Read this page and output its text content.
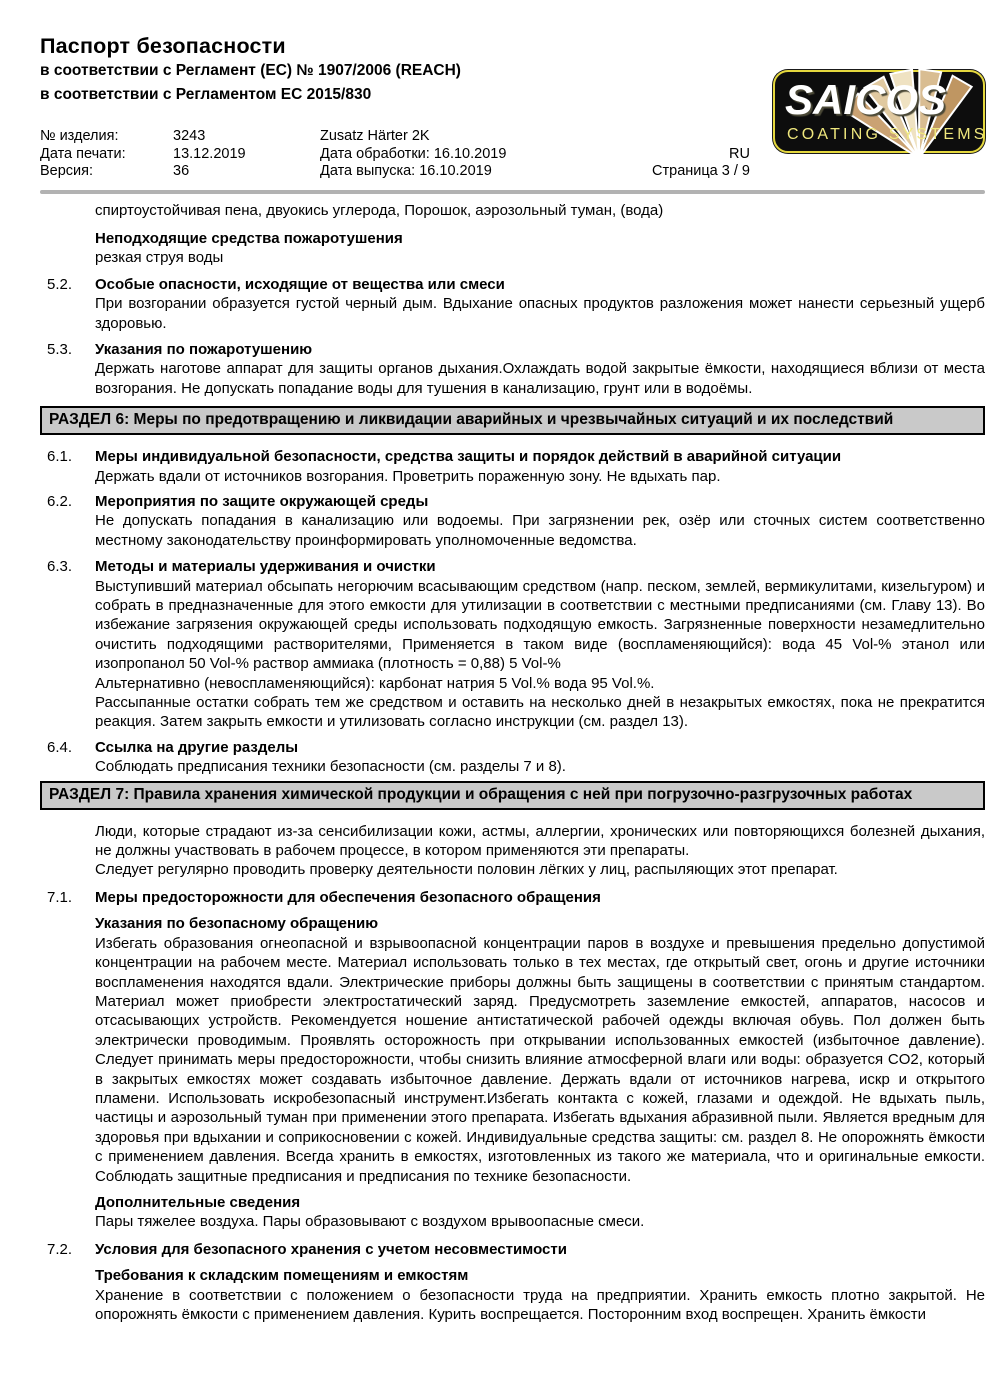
Паспорт безопасности
в соответствии с Регламент (EC) № 1907/2006 (REACH)
в соответствии с Регламентом ЕС 2015/830	SAICOS
COATING SYSTEMS
№ изделия:	3243	Zusatz Härter 2K
Дата печати:	13.12.2019	Дата обработки: 16.10.2019	RU
Версия:	36	Дата выпуска: 16.10.2019	Страница 3 / 9

спиртоустойчивая пена, двуокись углерода, Порошок, аэрозольный туман, (вода)

Неподходящие средства пожаротушения

резкая струя воды

5.2.	Особые опасности, исходящие от вещества или смеси

При возгорании образуется густой черный дым. Вдыхание опасных продуктов разложения может нанести серьезный ущерб здоровью.

5.3.	Указания по пожаротушению

Держать наготове аппарат для защиты органов дыхания.Охлаждать водой закрытые ёмкости, находящиеся вблизи от места возгорания. Не допускать попадание воды для тушения в канализацию, грунт или в водоёмы.

РАЗДЕЛ 6: Меры по предотвращению и ликвидации аварийных и чрезвычайных ситуаций и их последствий
6.1.	Меры индивидуальной безопасности, средства защиты и порядок действий в аварийной ситуации

Держать вдали от источников возгорания. Проветрить пораженную зону. Не вдыхать пар.

6.2.	Мероприятия по защите окружающей среды

Не допускать попадания в канализацию или водоемы. При загрязнении рек, озёр или сточных систем соответственно местному законодательству проинформировать уполномоченные ведомства.

6.3.	Методы и материалы удерживания и очистки

Выступивший материал обсыпать негорючим всасывающим средством (напр. песком, землей, вермикулитами, кизельгуром) и собрать в предназначенные для этого емкости для утилизации в соответствии с местными предписаниями (см. Главу 13). Во избежание загрязения окружающей среды использовать подходящую емкость. Загрязненные поверхности незамедлительно очистить подходящими растворителями, Применяется в таком виде (воспламеняющийся): вода 45 Vol-% этанол или изопропанол 50 Vol-% раствор аммиака (плотность = 0,88) 5 Vol-%

Альтернативно (невоспламеняющийся): карбонат натрия 5 Vol.% вода 95 Vol.%.

Рассыпанные остатки собрать тем же средством и оставить на несколько дней в незакрытых емкостях, пока не прекратится реакция. Затем закрыть емкости и утилизовать согласно инструкции (см. раздел 13).

6.4.	Ссылка на другие разделы

Соблюдать предписания техники безопасности (см. разделы 7 и 8).

РАЗДЕЛ 7: Правила хранения химической продукции и обращения с ней при погрузочно-разгрузочных работах

Люди, которые страдают из-за сенсибилизации кожи, астмы, аллергии, хронических или повторяющихся болезней дыхания, не должны участвовать в рабочем процессе, в котором применяются эти препараты.

Следует регулярно проводить проверку деятельности половин лёгких у лиц, распыляющих этот препарат.

7.1.	Меры предосторожности для обеспечения безопасного обращения
Указания по безопасному обращению

Избегать образования огнеопасной и взрывоопасной концентрации паров в воздухе и превышения предельно допустимой концентрации на рабочем месте. Материал использовать только в тех местах, где открытый свет, огонь и другие источники воспламенения находятся вдали. Электрические приборы должны быть защищены в соответствии с принятым стандартом. Материал может приобрести электростатический заряд. Предусмотреть заземление емкостей, аппаратов, насосов и отсасывающих устройств. Рекомендуется ношение антистатической рабочей одежды включая обувь. Пол должен быть электрически проводимым. Проявлять осторожность при открывании использованных емкостей (избыточное давление). Следует принимать меры предосторожности, чтобы снизить влияние атмосферной влаги или воды: образуется CO2, который в закрытых емкостях может создавать избыточное давление. Держать вдали от источников нагрева, искр и открытого пламени. Использовать искробезопасный инструмент.Избегать контакта с кожей, глазами и одеждой. Не вдыхать пыль, частицы и аэрозольный туман при применении этого препарата. Избегать вдыхания абразивной пыли. Является вредным для здоровья при вдыхании и соприкосновении с кожей. Индивидуальные средства защиты: см. раздел 8. Не опорожнять ёмкости с применением давления. Всегда хранить в емкостях, изготовленных из такого же материала, что и оригинальные емкости. Соблюдать защитные предписания и предписания по технике безопасности.

Дополнительные сведения

Пары тяжелее воздуха. Пары образовывают с воздухом врывоопасные смеси.

7.2.	Условия для безопасного хранения с учетом несовместимости
Требования к складским помещениям и емкостям

Хранение в соответствии с положением о безопасности труда на предприятии. Хранить емкость плотно закрытой. Не опорожнять ёмкости с применением давления. Курить воспрещается. Посторонним вход воспрещен. Хранить ёмкости
